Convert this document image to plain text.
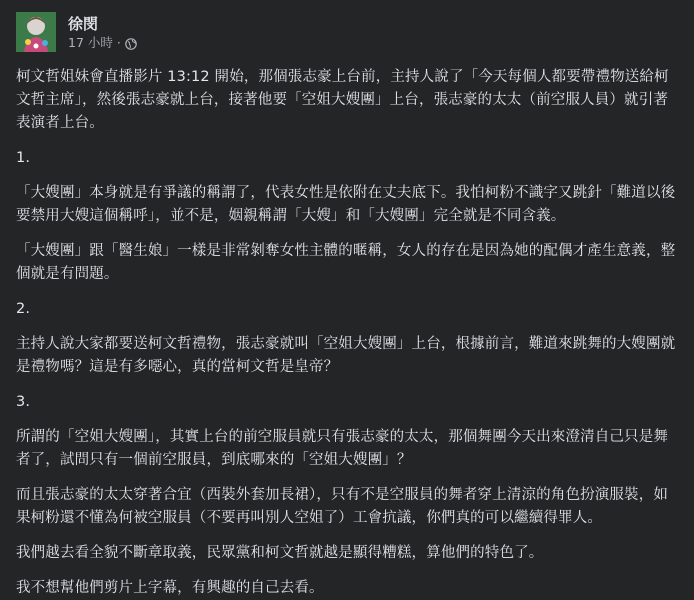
徐閔
17 小時 ·

柯文哲姐妹會直播影片 13:12 開始，那個張志豪上台前，主持人說了「今天每個人都要帶禮物送給柯文哲主席」，然後張志豪就上台，接著他要「空姐大嫂團」上台，張志豪的太太（前空服人員）就引著表演者上台。

1.

「大嫂團」本身就是有爭議的稱謂了，代表女性是依附在丈夫底下。我怕柯粉不識字又跳針「難道以後要禁用大嫂這個稱呼」，並不是，姻親稱謂「大嫂」和「大嫂團」完全就是不同含義。

「大嫂團」跟「醫生娘」一樣是非常剝奪女性主體的暱稱，女人的存在是因為她的配偶才產生意義，整個就是有問題。

2.

主持人說大家都要送柯文哲禮物，張志豪就叫「空姐大嫂團」上台，根據前言，難道來跳舞的大嫂團就是禮物嗎？這是有多噁心，真的當柯文哲是皇帝？

3.

所謂的「空姐大嫂團」，其實上台的前空服員就只有張志豪的太太，那個舞團今天出來澄清自己只是舞者了，試問只有一個前空服員，到底哪來的「空姐大嫂團」？

而且張志豪的太太穿著合宜（西裝外套加長裙），只有不是空服員的舞者穿上清涼的角色扮演服裝，如果柯粉還不懂為何被空服員（不要再叫別人空姐了）工會抗議，你們真的可以繼續得罪人。

我們越去看全貌不斷章取義，民眾黨和柯文哲就越是顯得糟糕，算他們的特色了。

我不想幫他們剪片上字幕，有興趣的自己去看。
